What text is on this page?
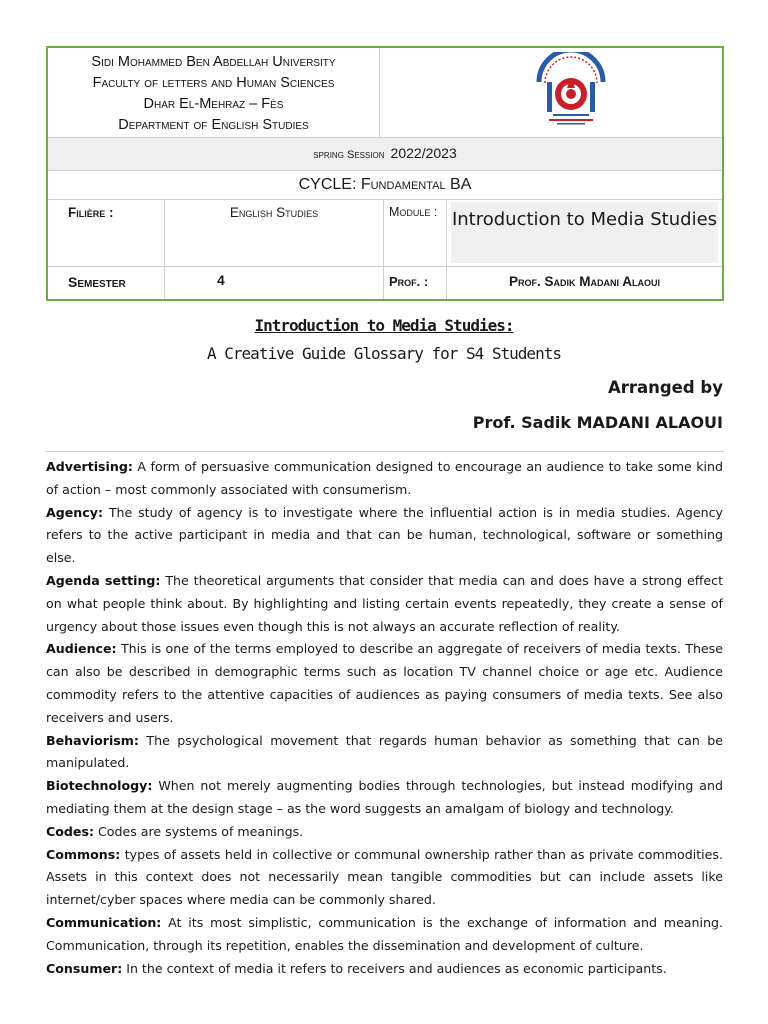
Sidi Mohammed Ben Abdellah University
Faculty of letters and Human Sciences
Dhar El-Mehraz – Fès
Department of English Studies
spring Session 2022/2023
CYCLE: Fundamental BA
Filière :	English Studies	Module : Introduction to Media Studies
Semester	4	Prof. :	Prof. Sadik Madani Alaoui
Introduction to Media Studies:
A Creative Guide Glossary for S4 Students
Arranged by
Prof. Sadik MADANI ALAOUI

Advertising: A form of persuasive communication designed to encourage an audience to take some kind of action – most commonly associated with consumerism.

Agency: The study of agency is to investigate where the influential action is in media studies. Agency refers to the active participant in media and that can be human, technological, software or something else.

Agenda setting: The theoretical arguments that consider that media can and does have a strong effect on what people think about. By highlighting and listing certain events repeatedly, they create a sense of urgency about those issues even though this is not always an accurate reflection of reality.

Audience: This is one of the terms employed to describe an aggregate of receivers of media texts. These can also be described in demographic terms such as location TV channel choice or age etc. Audience commodity refers to the attentive capacities of audiences as paying consumers of media texts. See also receivers and users.

Behaviorism: The psychological movement that regards human behavior as something that can be manipulated.

Biotechnology: When not merely augmenting bodies through technologies, but instead modifying and mediating them at the design stage – as the word suggests an amalgam of biology and technology.

Codes: Codes are systems of meanings.

Commons: types of assets held in collective or communal ownership rather than as private commodities. Assets in this context does not necessarily mean tangible commodities but can include assets like internet/cyber spaces where media can be commonly shared.

Communication: At its most simplistic, communication is the exchange of information and meaning. Communication, through its repetition, enables the dissemination and development of culture.

Consumer: In the context of media it refers to receivers and audiences as economic participants.
